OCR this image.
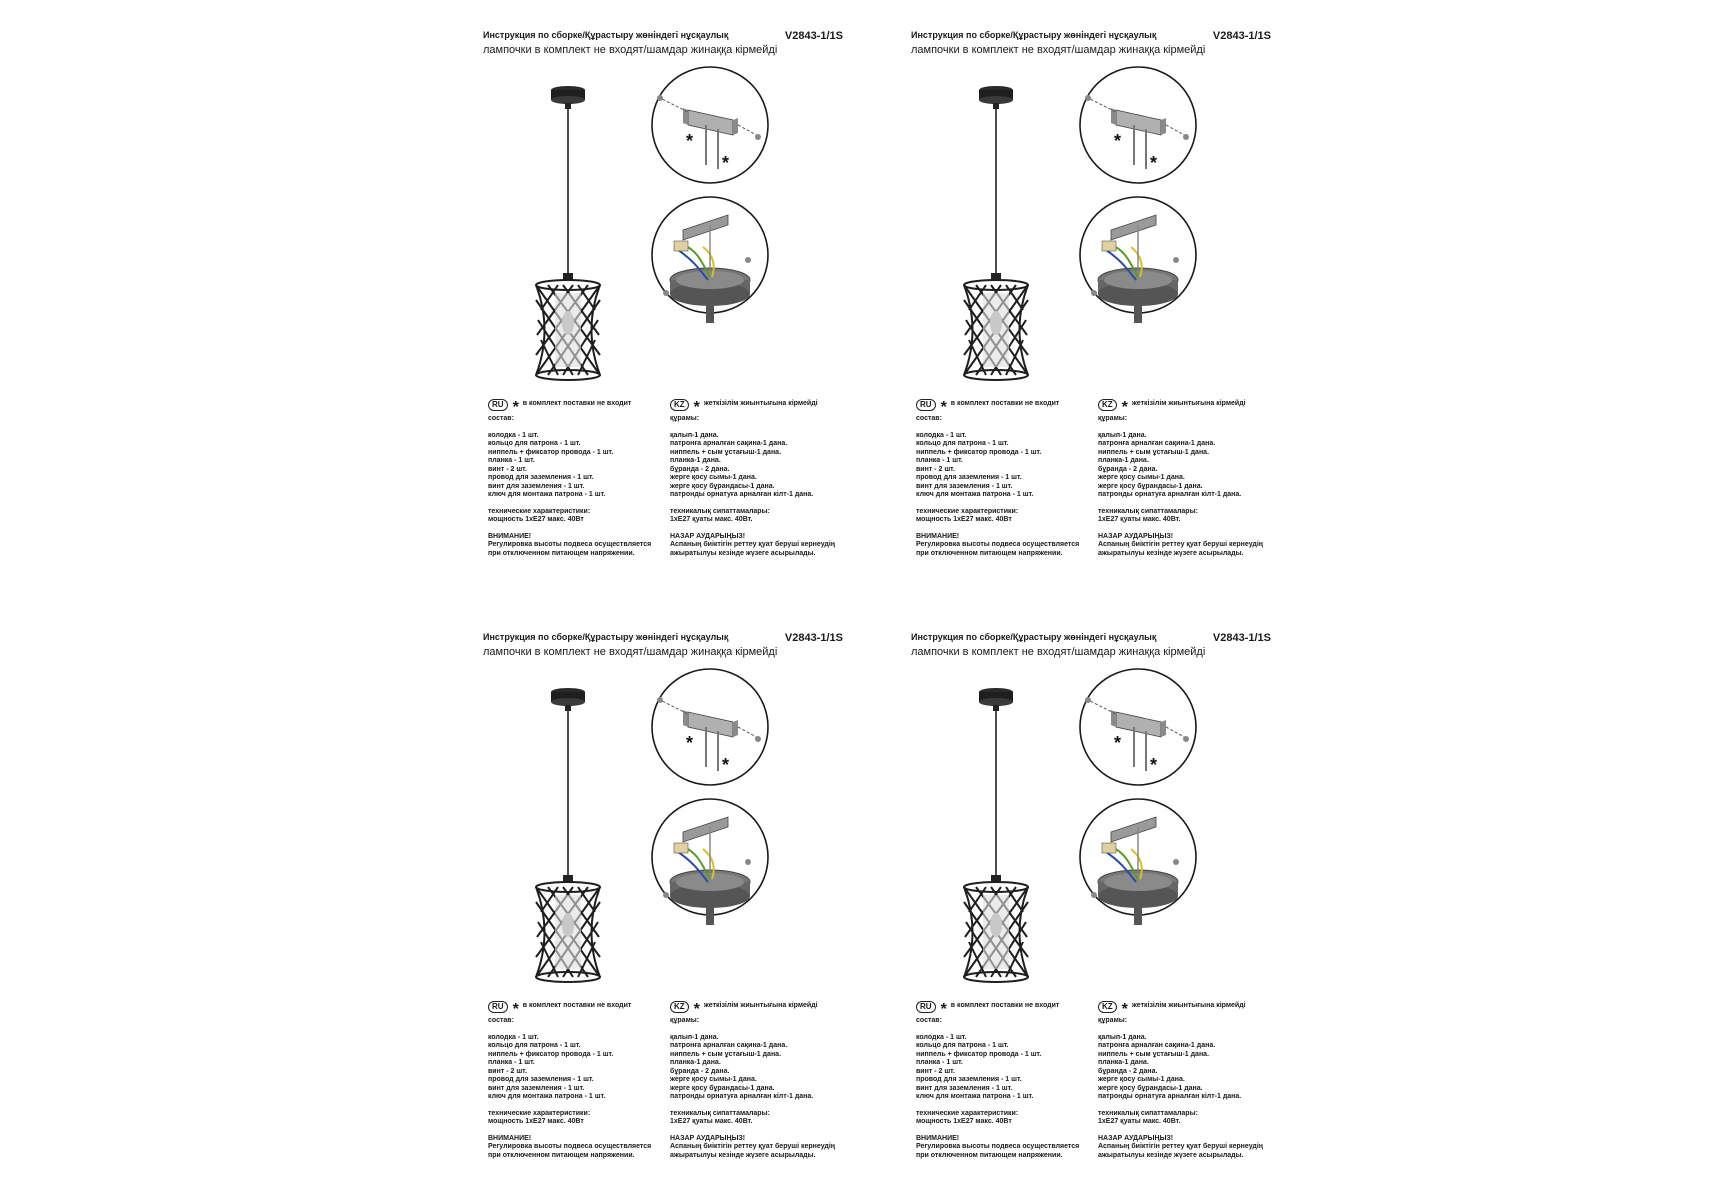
Инструкция по сборке/Құрастыру жөніндегі нұсқаулық	V2843-1/1S
лампочки в комплект не входят/шамдар жинаққа кірмейді
*
*
RU * в комплект поставки не входит
состав:
колодка - 1 шт.
кольцо для патрона - 1 шт.
ниппель + фиксатор провода - 1 шт.
планка - 1 шт.
винт - 2 шт.
провод для заземления - 1 шт.
винт для заземления - 1 шт.
ключ для монтажа патрона - 1 шт.
технические характеристики:
мощность 1хE27 макс. 40Вт
ВНИМАНИЕ!
Регулировка высоты подвеса осуществляется
при отключенном питающем напряжении.
KZ * жеткізілім жиынтығына кірмейді
құрамы:
қалып-1 дана.
патронға арналған сақина-1 дана.
ниппель + сым ұстағыш-1 дана.
планка-1 дана.
бұранда - 2 дана.
жерге қосу сымы-1 дана.
жерге қосу бұрандасы-1 дана.
патронды орнатуға арналған кілт-1 дана.
техникалық сипаттамалары:
1хE27 қуаты макс. 40Вт.
НАЗАР АУДАРЫҢЫЗ!
Аспаның биіктігін реттеу қуат беруші кернеудің
ажыратылуы кезінде жүзеге асырылады.
Инструкция по сборке/Құрастыру жөніндегі нұсқаулық	V2843-1/1S
лампочки в комплект не входят/шамдар жинаққа кірмейді
*
*
RU * в комплект поставки не входит
состав:
колодка - 1 шт.
кольцо для патрона - 1 шт.
ниппель + фиксатор провода - 1 шт.
планка - 1 шт.
винт - 2 шт.
провод для заземления - 1 шт.
винт для заземления - 1 шт.
ключ для монтажа патрона - 1 шт.
технические характеристики:
мощность 1хE27 макс. 40Вт
ВНИМАНИЕ!
Регулировка высоты подвеса осуществляется
при отключенном питающем напряжении.
KZ * жеткізілім жиынтығына кірмейді
құрамы:
қалып-1 дана.
патронға арналған сақина-1 дана.
ниппель + сым ұстағыш-1 дана.
планка-1 дана.
бұранда - 2 дана.
жерге қосу сымы-1 дана.
жерге қосу бұрандасы-1 дана.
патронды орнатуға арналған кілт-1 дана.
техникалық сипаттамалары:
1хE27 қуаты макс. 40Вт.
НАЗАР АУДАРЫҢЫЗ!
Аспаның биіктігін реттеу қуат беруші кернеудің
ажыратылуы кезінде жүзеге асырылады.
Инструкция по сборке/Құрастыру жөніндегі нұсқаулық	V2843-1/1S
лампочки в комплект не входят/шамдар жинаққа кірмейді
*
*
RU * в комплект поставки не входит
состав:
колодка - 1 шт.
кольцо для патрона - 1 шт.
ниппель + фиксатор провода - 1 шт.
планка - 1 шт.
винт - 2 шт.
провод для заземления - 1 шт.
винт для заземления - 1 шт.
ключ для монтажа патрона - 1 шт.
технические характеристики:
мощность 1хE27 макс. 40Вт
ВНИМАНИЕ!
Регулировка высоты подвеса осуществляется
при отключенном питающем напряжении.
KZ * жеткізілім жиынтығына кірмейді
құрамы:
қалып-1 дана.
патронға арналған сақина-1 дана.
ниппель + сым ұстағыш-1 дана.
планка-1 дана.
бұранда - 2 дана.
жерге қосу сымы-1 дана.
жерге қосу бұрандасы-1 дана.
патронды орнатуға арналған кілт-1 дана.
техникалық сипаттамалары:
1хE27 қуаты макс. 40Вт.
НАЗАР АУДАРЫҢЫЗ!
Аспаның биіктігін реттеу қуат беруші кернеудің
ажыратылуы кезінде жүзеге асырылады.
Инструкция по сборке/Құрастыру жөніндегі нұсқаулық	V2843-1/1S
лампочки в комплект не входят/шамдар жинаққа кірмейді
*
*
RU * в комплект поставки не входит
состав:
колодка - 1 шт.
кольцо для патрона - 1 шт.
ниппель + фиксатор провода - 1 шт.
планка - 1 шт.
винт - 2 шт.
провод для заземления - 1 шт.
винт для заземления - 1 шт.
ключ для монтажа патрона - 1 шт.
технические характеристики:
мощность 1хE27 макс. 40Вт
ВНИМАНИЕ!
Регулировка высоты подвеса осуществляется
при отключенном питающем напряжении.
KZ * жеткізілім жиынтығына кірмейді
құрамы:
қалып-1 дана.
патронға арналған сақина-1 дана.
ниппель + сым ұстағыш-1 дана.
планка-1 дана.
бұранда - 2 дана.
жерге қосу сымы-1 дана.
жерге қосу бұрандасы-1 дана.
патронды орнатуға арналған кілт-1 дана.
техникалық сипаттамалары:
1хE27 қуаты макс. 40Вт.
НАЗАР АУДАРЫҢЫЗ!
Аспаның биіктігін реттеу қуат беруші кернеудің
ажыратылуы кезінде жүзеге асырылады.
